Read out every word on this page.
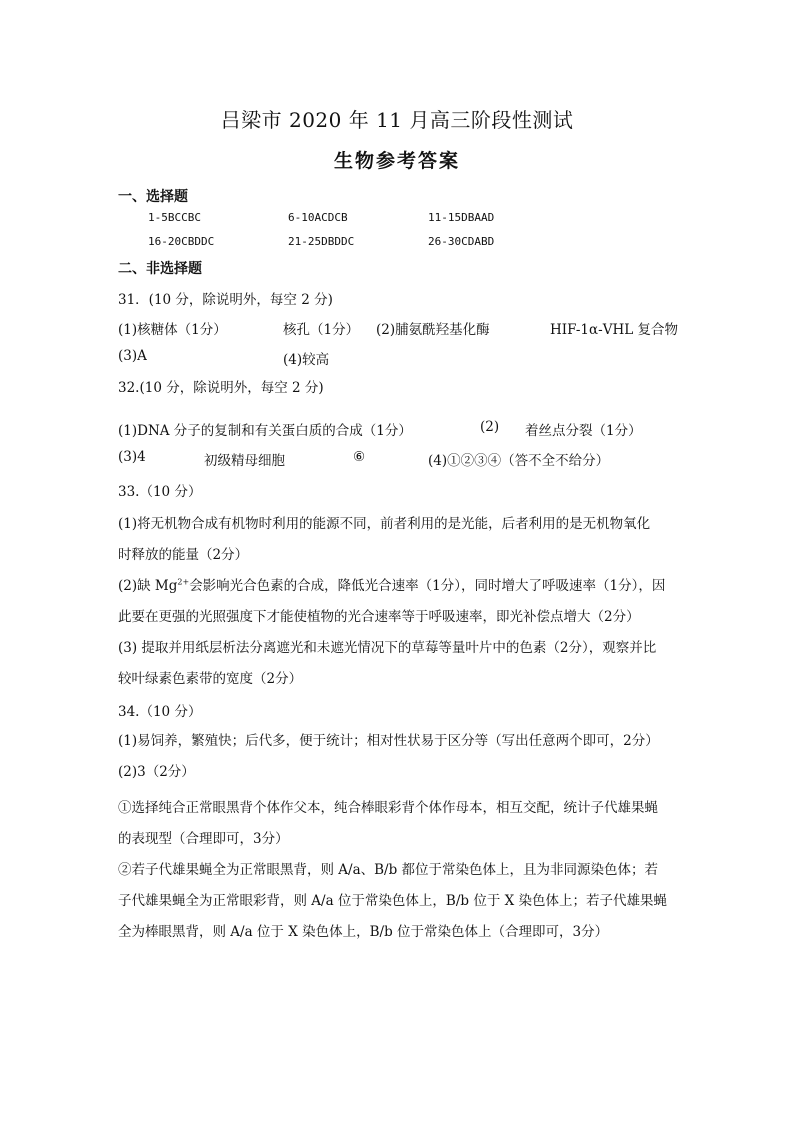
吕梁市 2020 年 11 月高三阶段性测试
生物参考答案
一、选择题
1-5BCCBC	6-10ACDCB	11-15DBAAD
16-20CBDDC	21-25DBDDC	26-30CDABD
二、非选择题
31．(10 分，除说明外，每空 2 分)
(1)核糖体（1分）	核孔（1分） (2)脯氨酰羟基化酶	HIF-1α-VHL 复合物
(3)A	(4)较高
32.(10 分，除说明外，每空 2 分)
(1)DNA 分子的复制和有关蛋白质的合成（1分）	(2) 着丝点分裂（1分）
(3)4	初级精母细胞	⑥	(4)①②③④（答不全不给分）
33.（10 分）
(1)将无机物合成有机物时利用的能源不同，前者利用的是光能，后者利用的是无机物氧化
时释放的能量（2分）
(2)缺 $Mg^{2+}$会影响光合色素的合成，降低光合速率（1分），同时增大了呼吸速率（1分），因
此要在更强的光照强度下才能使植物的光合速率等于呼吸速率，即光补偿点增大（2分）
(3) 提取并用纸层析法分离遮光和未遮光情况下的草莓等量叶片中的色素（2分），观察并比
较叶绿素色素带的宽度（2分）
34.（10 分）
(1)易饲养，繁殖快；后代多，便于统计；相对性状易于区分等（写出任意两个即可，2分）
(2)3（2分）
①选择纯合正常眼黑背个体作父本，纯合棒眼彩背个体作母本，相互交配，统计子代雄果蝇
的表现型（合理即可，3分）
②若子代雄果蝇全为正常眼黑背，则 A/a、B/b 都位于常染色体上，且为非同源染色体；若
子代雄果蝇全为正常眼彩背，则 A/a 位于常染色体上，B/b 位于 X 染色体上；若子代雄果蝇
全为棒眼黑背，则 A/a 位于 X 染色体上，B/b 位于常染色体上（合理即可，3分）
